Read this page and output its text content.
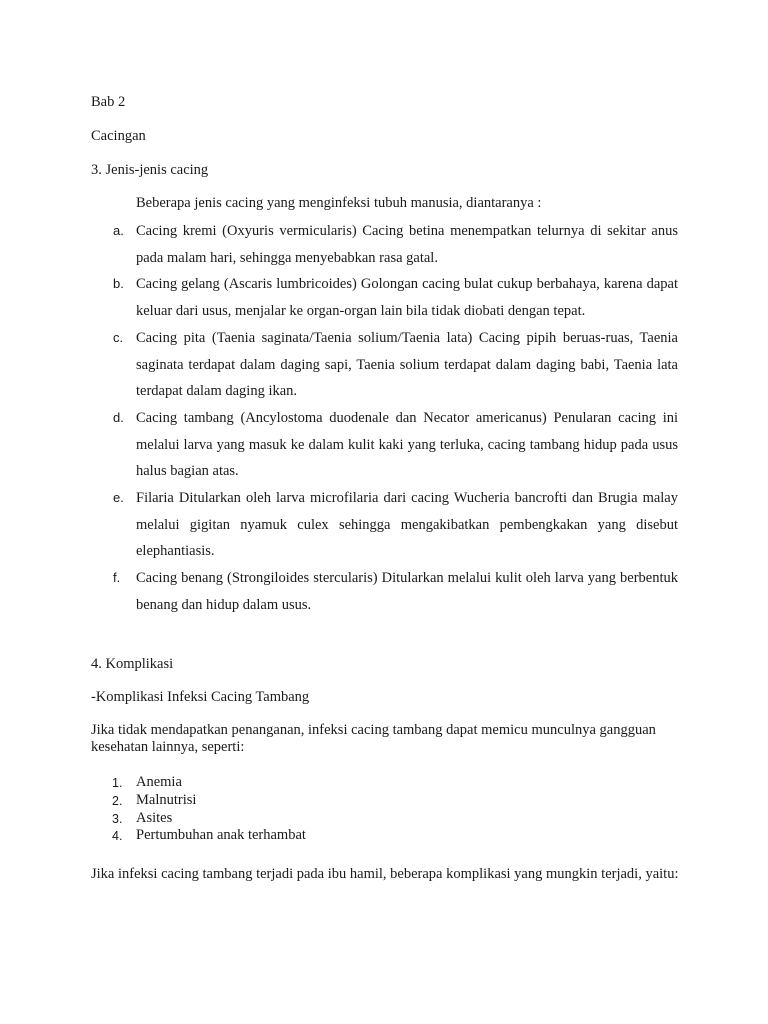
Bab 2
Cacingan
3. Jenis-jenis cacing
Beberapa jenis cacing yang menginfeksi tubuh manusia, diantaranya :
a. Cacing kremi (Oxyuris vermicularis) Cacing betina menempatkan telurnya di sekitar anus pada malam hari, sehingga menyebabkan rasa gatal.
b. Cacing gelang (Ascaris lumbricoides) Golongan cacing bulat cukup berbahaya, karena dapat keluar dari usus, menjalar ke organ-organ lain bila tidak diobati dengan tepat.
c. Cacing pita (Taenia saginata/Taenia solium/Taenia lata) Cacing pipih beruas-ruas, Taenia saginata terdapat dalam daging sapi, Taenia solium terdapat dalam daging babi, Taenia lata terdapat dalam daging ikan.
d. Cacing tambang (Ancylostoma duodenale dan Necator americanus) Penularan cacing ini melalui larva yang masuk ke dalam kulit kaki yang terluka, cacing tambang hidup pada usus halus bagian atas.
e. Filaria Ditularkan oleh larva microfilaria dari cacing Wucheria bancrofti dan Brugia malay melalui gigitan nyamuk culex sehingga mengakibatkan pembengkakan yang disebut elephantiasis.
f. Cacing benang (Strongiloides stercularis) Ditularkan melalui kulit oleh larva yang berbentuk benang dan hidup dalam usus.
4. Komplikasi
-Komplikasi Infeksi Cacing Tambang
Jika tidak mendapatkan penanganan, infeksi cacing tambang dapat memicu munculnya gangguan kesehatan lainnya, seperti:
1. Anemia
2. Malnutrisi
3. Asites
4. Pertumbuhan anak terhambat
Jika infeksi cacing tambang terjadi pada ibu hamil, beberapa komplikasi yang mungkin terjadi, yaitu:
